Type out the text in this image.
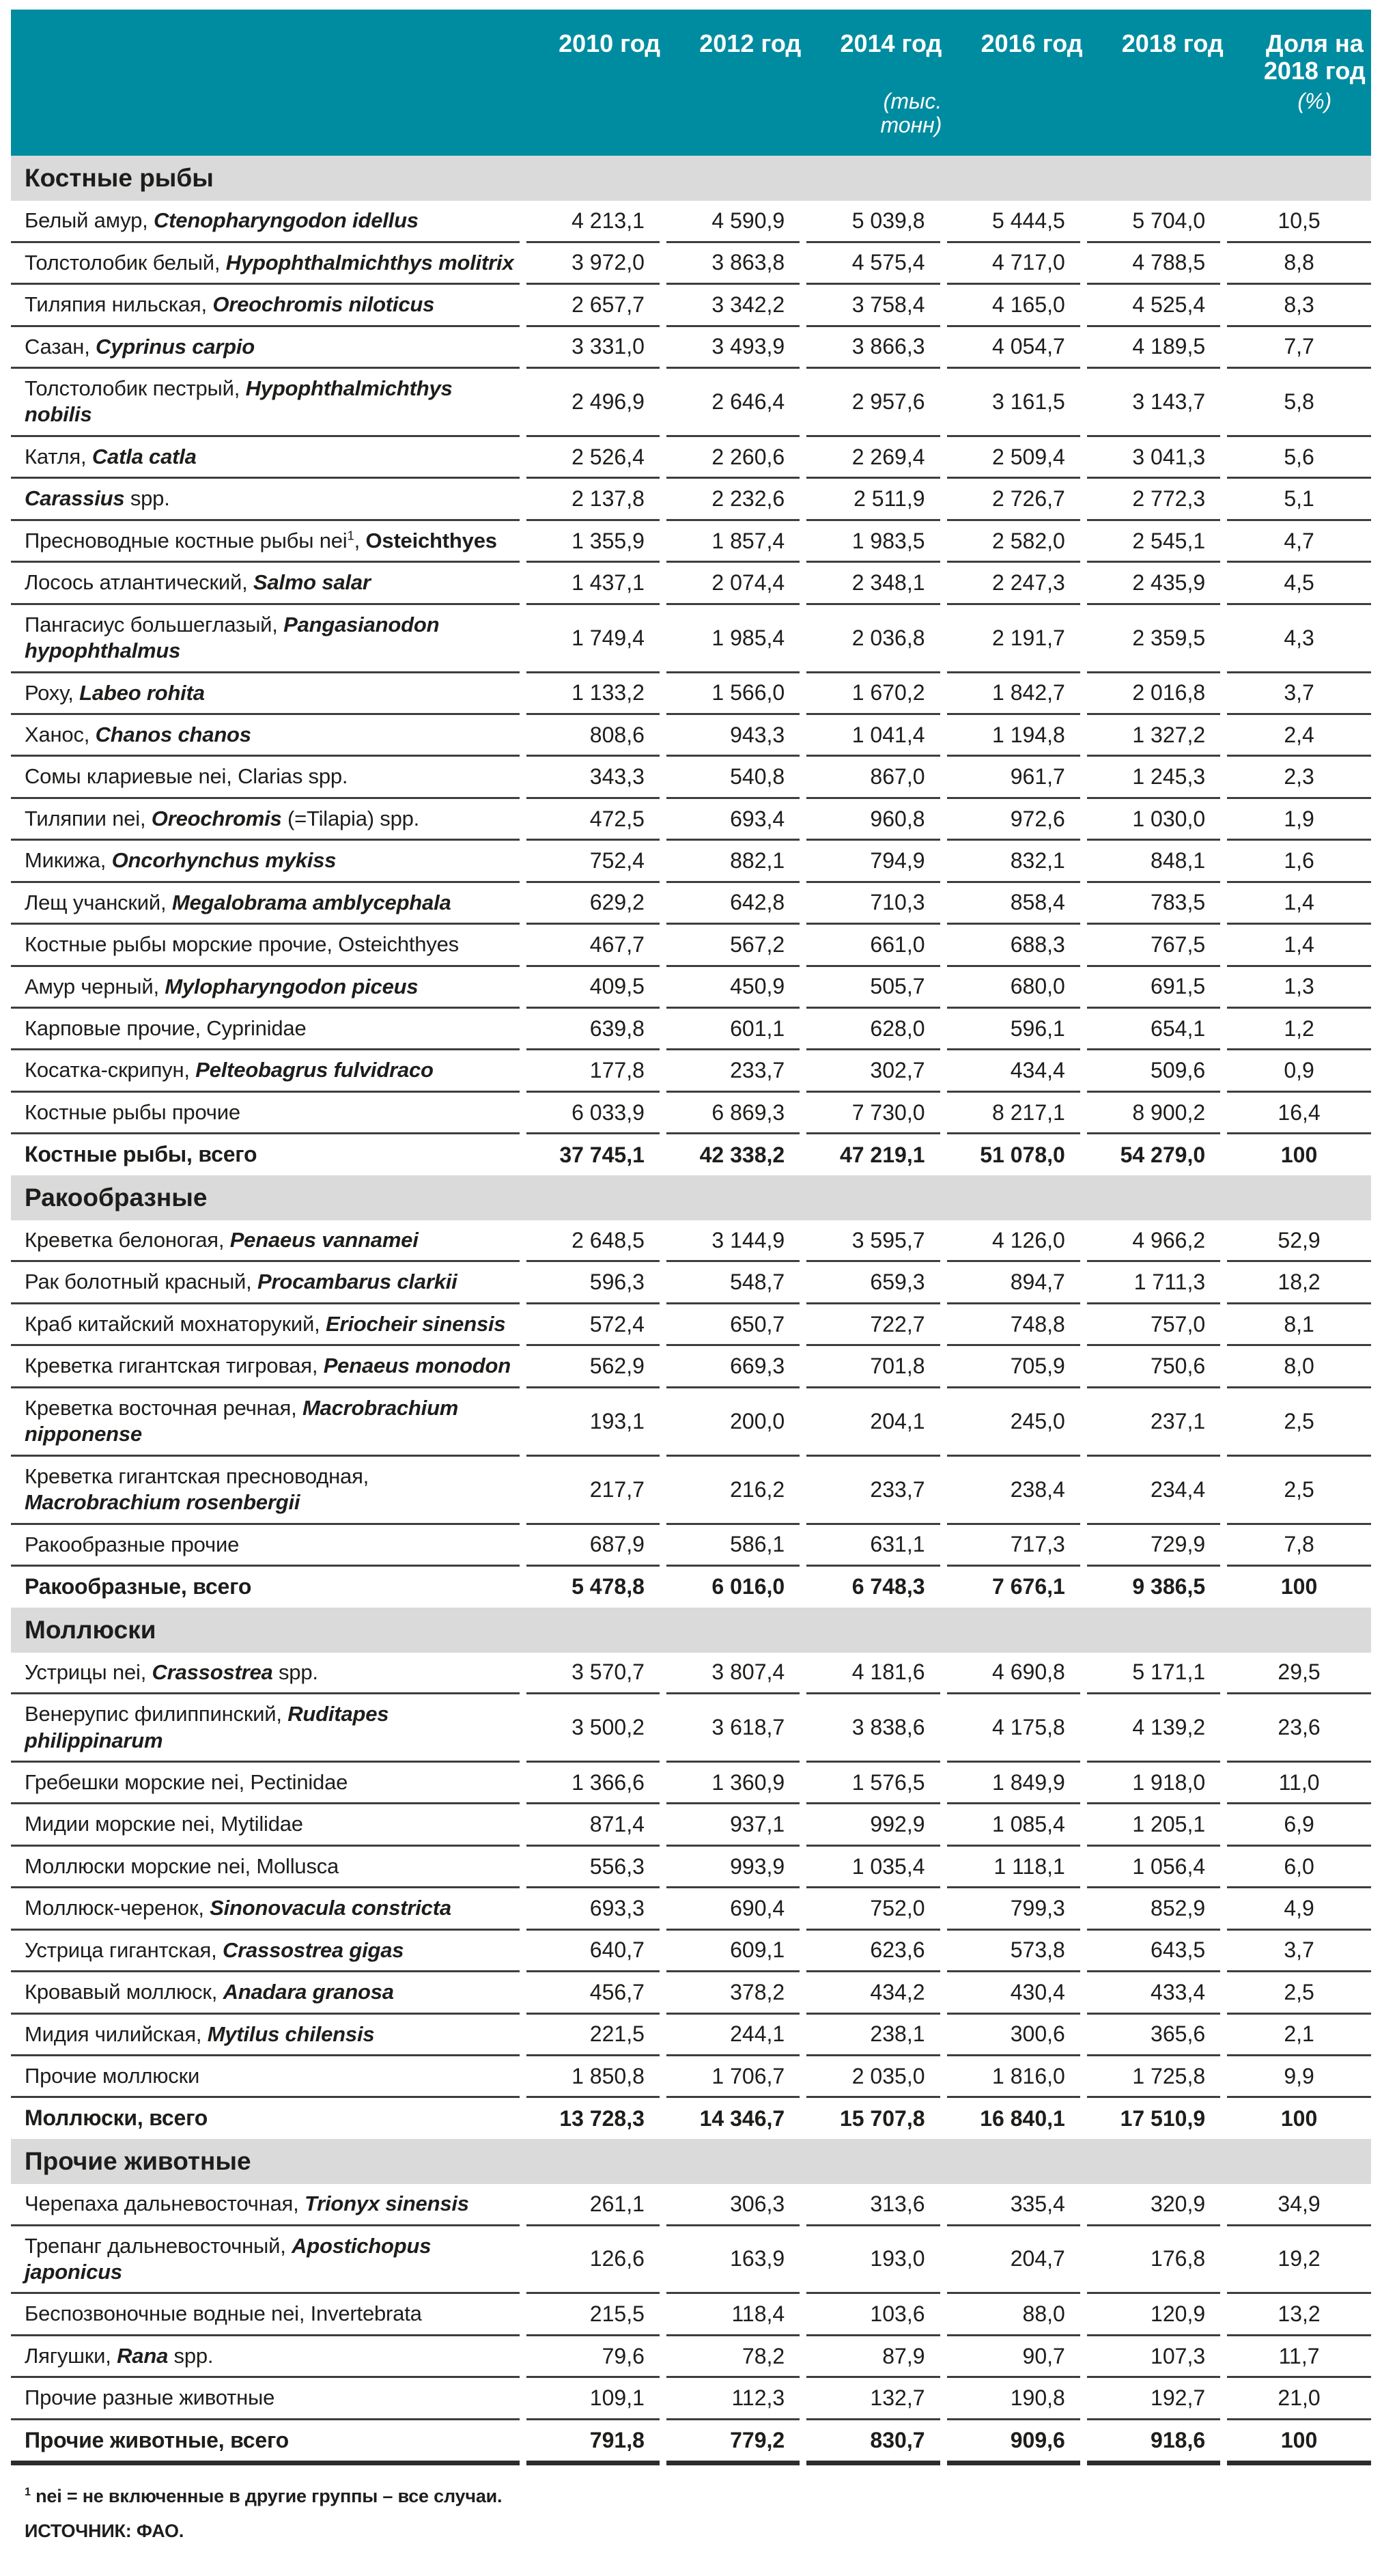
2010 год	2012 год	2014 год	2016 год	2018 год	Доля на 2018 год
(тыс. тонн)
(%)

Костные рыбы						
Белый амур, Ctenopharyngodon idellus	4 213,1	4 590,9	5 039,8	5 444,5	5 704,0	10,5
Толстолобик белый, Hypophthalmichthys molitrix	3 972,0	3 863,8	4 575,4	4 717,0	4 788,5	8,8
Тиляпия нильская, Oreochromis niloticus	2 657,7	3 342,2	3 758,4	4 165,0	4 525,4	8,3
Сазан, Cyprinus carpio	3 331,0	3 493,9	3 866,3	4 054,7	4 189,5	7,7
Толстолобик пестрый, Hypophthalmichthys nobilis	2 496,9	2 646,4	2 957,6	3 161,5	3 143,7	5,8
Катля, Catla catla	2 526,4	2 260,6	2 269,4	2 509,4	3 041,3	5,6
Carassius spp.	2 137,8	2 232,6	2 511,9	2 726,7	2 772,3	5,1
Пресноводные костные рыбы nei$^1$, Osteichthyes	1 355,9	1 857,4	1 983,5	2 582,0	2 545,1	4,7
Лосось атлантический, Salmo salar	1 437,1	2 074,4	2 348,1	2 247,3	2 435,9	4,5
Пангасиус большеглазый, Pangasianodon hypophthalmus	1 749,4	1 985,4	2 036,8	2 191,7	2 359,5	4,3
Роху, Labeo rohita	1 133,2	1 566,0	1 670,2	1 842,7	2 016,8	3,7
Ханос, Chanos chanos	808,6	943,3	1 041,4	1 194,8	1 327,2	2,4
Сомы клариевые nei, Clarias spp.	343,3	540,8	867,0	961,7	1 245,3	2,3
Тиляпии nei, Oreochromis (=Tilapia) spp.	472,5	693,4	960,8	972,6	1 030,0	1,9
Микижа, Oncorhynchus mykiss	752,4	882,1	794,9	832,1	848,1	1,6
Лещ учанский, Megalobrama amblycephala	629,2	642,8	710,3	858,4	783,5	1,4
Костные рыбы морские прочие, Osteichthyes	467,7	567,2	661,0	688,3	767,5	1,4
Амур черный, Mylopharyngodon piceus	409,5	450,9	505,7	680,0	691,5	1,3
Карповые прочие, Cyprinidae	639,8	601,1	628,0	596,1	654,1	1,2
Косатка-скрипун, Pelteobagrus fulvidraco	177,8	233,7	302,7	434,4	509,6	0,9
Костные рыбы прочие	6 033,9	6 869,3	7 730,0	8 217,1	8 900,2	16,4
Костные рыбы, всего	37 745,1	42 338,2	47 219,1	51 078,0	54 279,0	100
Ракообразные						
Креветка белоногая, Penaeus vannamei	2 648,5	3 144,9	3 595,7	4 126,0	4 966,2	52,9
Рак болотный красный, Procambarus clarkii	596,3	548,7	659,3	894,7	1 711,3	18,2
Краб китайский мохнаторукий, Eriocheir sinensis	572,4	650,7	722,7	748,8	757,0	8,1
Креветка гигантская тигровая, Penaeus monodon	562,9	669,3	701,8	705,9	750,6	8,0
Креветка восточная речная, Macrobrachium nipponense	193,1	200,0	204,1	245,0	237,1	2,5
Креветка гигантская пресноводная, Macrobrachium rosenbergii	217,7	216,2	233,7	238,4	234,4	2,5
Ракообразные прочие	687,9	586,1	631,1	717,3	729,9	7,8
Ракообразные, всего	5 478,8	6 016,0	6 748,3	7 676,1	9 386,5	100
Моллюски						
Устрицы nei, Crassostrea spp.	3 570,7	3 807,4	4 181,6	4 690,8	5 171,1	29,5
Венерупис филиппинский, Ruditapes philippinarum	3 500,2	3 618,7	3 838,6	4 175,8	4 139,2	23,6
Гребешки морские nei, Pectinidae	1 366,6	1 360,9	1 576,5	1 849,9	1 918,0	11,0
Мидии морские nei, Mytilidae	871,4	937,1	992,9	1 085,4	1 205,1	6,9
Моллюски морские nei, Mollusca	556,3	993,9	1 035,4	1 118,1	1 056,4	6,0
Моллюск-черенок, Sinonovacula constricta	693,3	690,4	752,0	799,3	852,9	4,9
Устрица гигантская, Crassostrea gigas	640,7	609,1	623,6	573,8	643,5	3,7
Кровавый моллюск, Anadara granosa	456,7	378,2	434,2	430,4	433,4	2,5
Мидия чилийская, Mytilus chilensis	221,5	244,1	238,1	300,6	365,6	2,1
Прочие моллюски	1 850,8	1 706,7	2 035,0	1 816,0	1 725,8	9,9
Моллюски, всего	13 728,3	14 346,7	15 707,8	16 840,1	17 510,9	100
Прочие животные						
Черепаха дальневосточная, Trionyx sinensis	261,1	306,3	313,6	335,4	320,9	34,9
Трепанг дальневосточный, Apostichopus japonicus	126,6	163,9	193,0	204,7	176,8	19,2
Беспозвоночные водные nei, Invertebrata	215,5	118,4	103,6	88,0	120,9	13,2
Лягушки, Rana spp.	79,6	78,2	87,9	90,7	107,3	11,7
Прочие разные животные	109,1	112,3	132,7	190,8	192,7	21,0
Прочие животные, всего	791,8	779,2	830,7	909,6	918,6	100

$^1$ nei = не включенные в другие группы – все случаи.

ИСТОЧНИК: ФАО.
